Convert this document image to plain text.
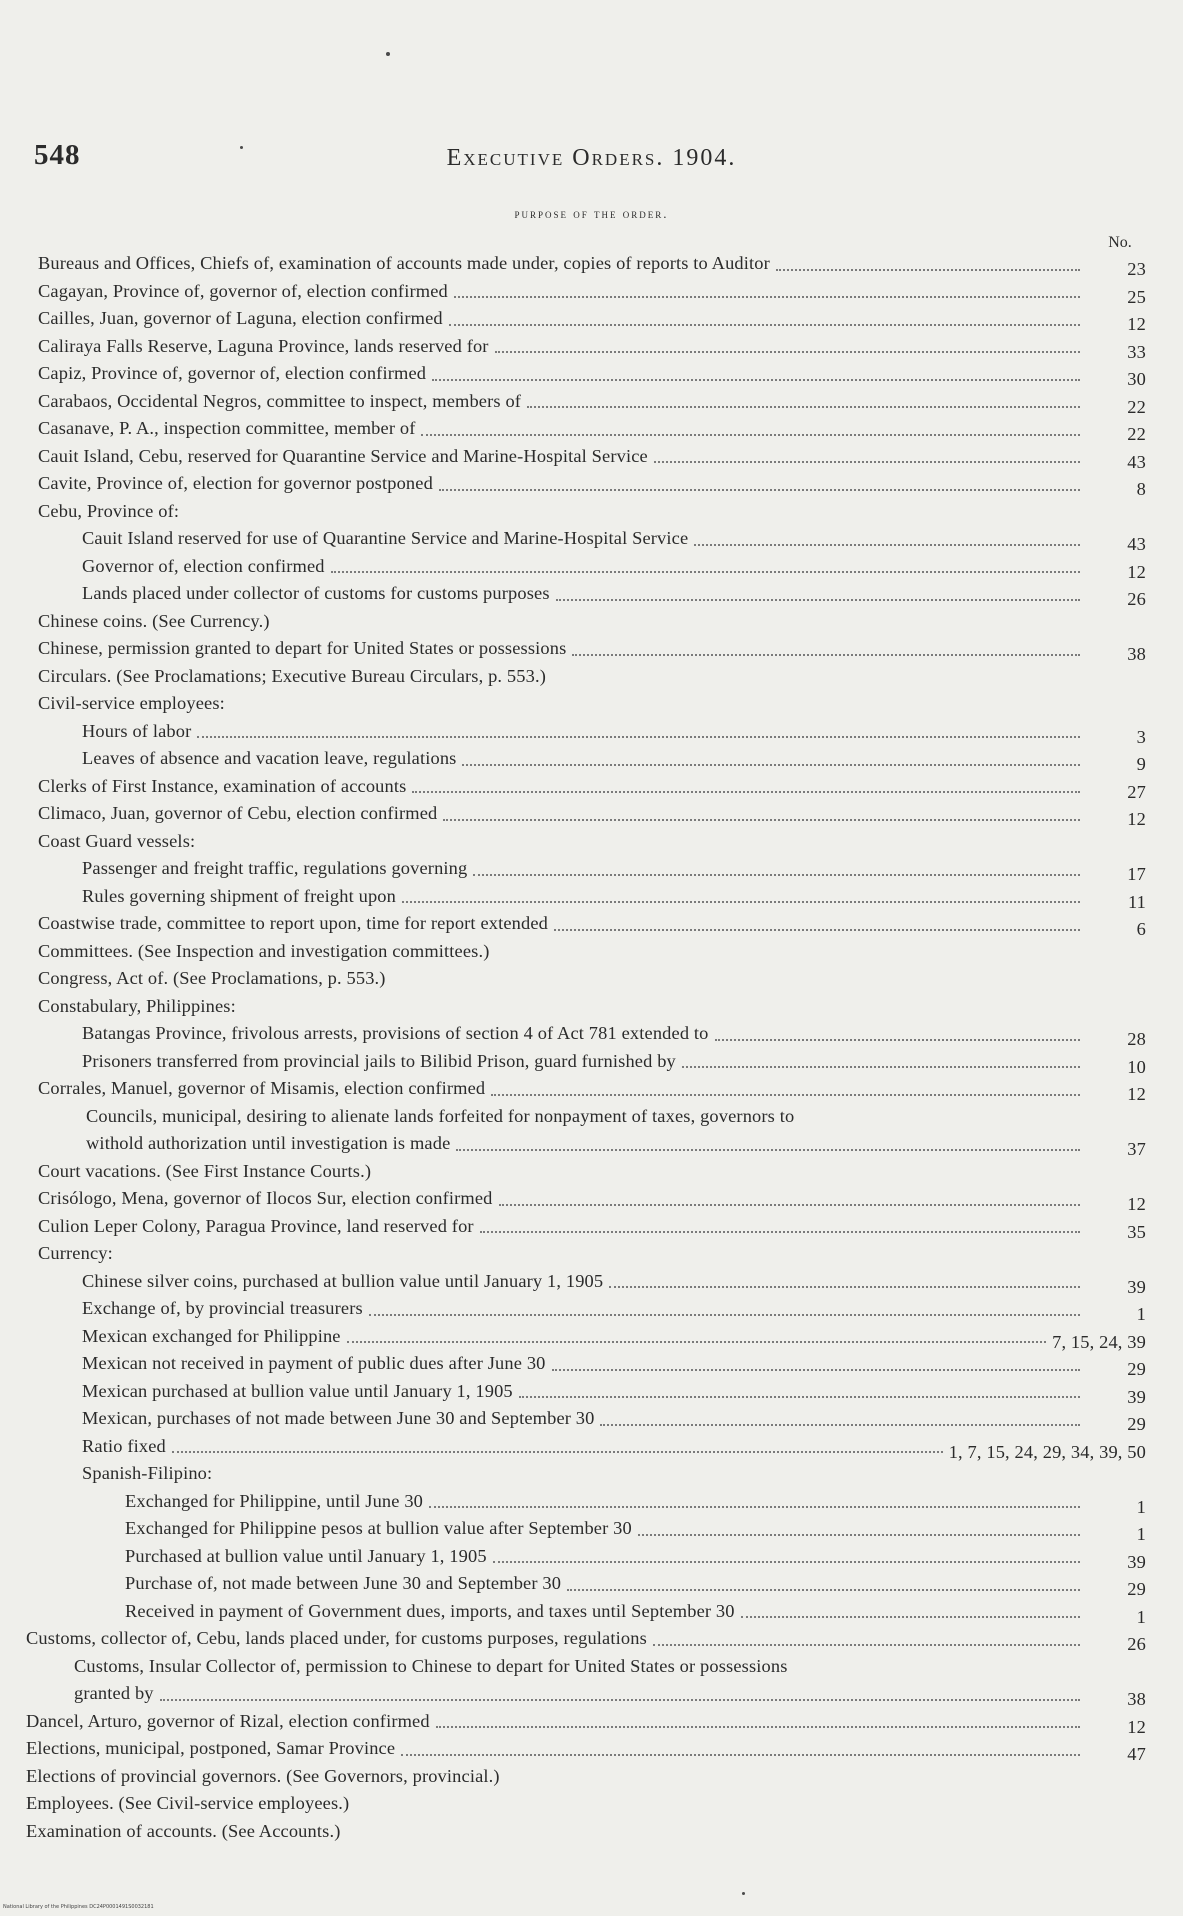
548	Executive Orders. 1904.
purpose of the order.
No.
Bureaus and Offices, Chiefs of, examination of accounts made under, copies of reports to Auditor	23
Cagayan, Province of, governor of, election confirmed	25
Cailles, Juan, governor of Laguna, election confirmed	12
Caliraya Falls Reserve, Laguna Province, lands reserved for	33
Capiz, Province of, governor of, election confirmed	30
Carabaos, Occidental Negros, committee to inspect, members of	22
Casanave, P. A., inspection committee, member of	22
Cauit Island, Cebu, reserved for Quarantine Service and Marine-Hospital Service	43
Cavite, Province of, election for governor postponed	8
Cebu, Province of:
Cauit Island reserved for use of Quarantine Service and Marine-Hospital Service	43
Governor of, election confirmed	12
Lands placed under collector of customs for customs purposes	26
Chinese coins. (See Currency.)
Chinese, permission granted to depart for United States or possessions	38
Circulars. (See Proclamations; Executive Bureau Circulars, p. 553.)
Civil-service employees:
Hours of labor	3
Leaves of absence and vacation leave, regulations	9
Clerks of First Instance, examination of accounts	27
Climaco, Juan, governor of Cebu, election confirmed	12
Coast Guard vessels:
Passenger and freight traffic, regulations governing	17
Rules governing shipment of freight upon	11
Coastwise trade, committee to report upon, time for report extended	6
Committees. (See Inspection and investigation committees.)
Congress, Act of. (See Proclamations, p. 553.)
Constabulary, Philippines:
Batangas Province, frivolous arrests, provisions of section 4 of Act 781 extended to	28
Prisoners transferred from provincial jails to Bilibid Prison, guard furnished by	10
Corrales, Manuel, governor of Misamis, election confirmed	12
Councils, municipal, desiring to alienate lands forfeited for nonpayment of taxes, governors to
withold authorization until investigation is made	37
Court vacations. (See First Instance Courts.)
Crisólogo, Mena, governor of Ilocos Sur, election confirmed	12
Culion Leper Colony, Paragua Province, land reserved for	35
Currency:
Chinese silver coins, purchased at bullion value until January 1, 1905	39
Exchange of, by provincial treasurers	1
Mexican exchanged for Philippine	7, 15, 24, 39
Mexican not received in payment of public dues after June 30	29
Mexican purchased at bullion value until January 1, 1905	39
Mexican, purchases of not made between June 30 and September 30	29
Ratio fixed	1, 7, 15, 24, 29, 34, 39, 50
Spanish-Filipino:
Exchanged for Philippine, until June 30	1
Exchanged for Philippine pesos at bullion value after September 30	1
Purchased at bullion value until January 1, 1905	39
Purchase of, not made between June 30 and September 30	29
Received in payment of Government dues, imports, and taxes until September 30	1
Customs, collector of, Cebu, lands placed under, for customs purposes, regulations	26
Customs, Insular Collector of, permission to Chinese to depart for United States or possessions
granted by	38
Dancel, Arturo, governor of Rizal, election confirmed	12
Elections, municipal, postponed, Samar Province	47
Elections of provincial governors. (See Governors, provincial.)
Employees. (See Civil-service employees.)
Examination of accounts. (See Accounts.)
National Library of the Philippines DC24P0001491S0032181
